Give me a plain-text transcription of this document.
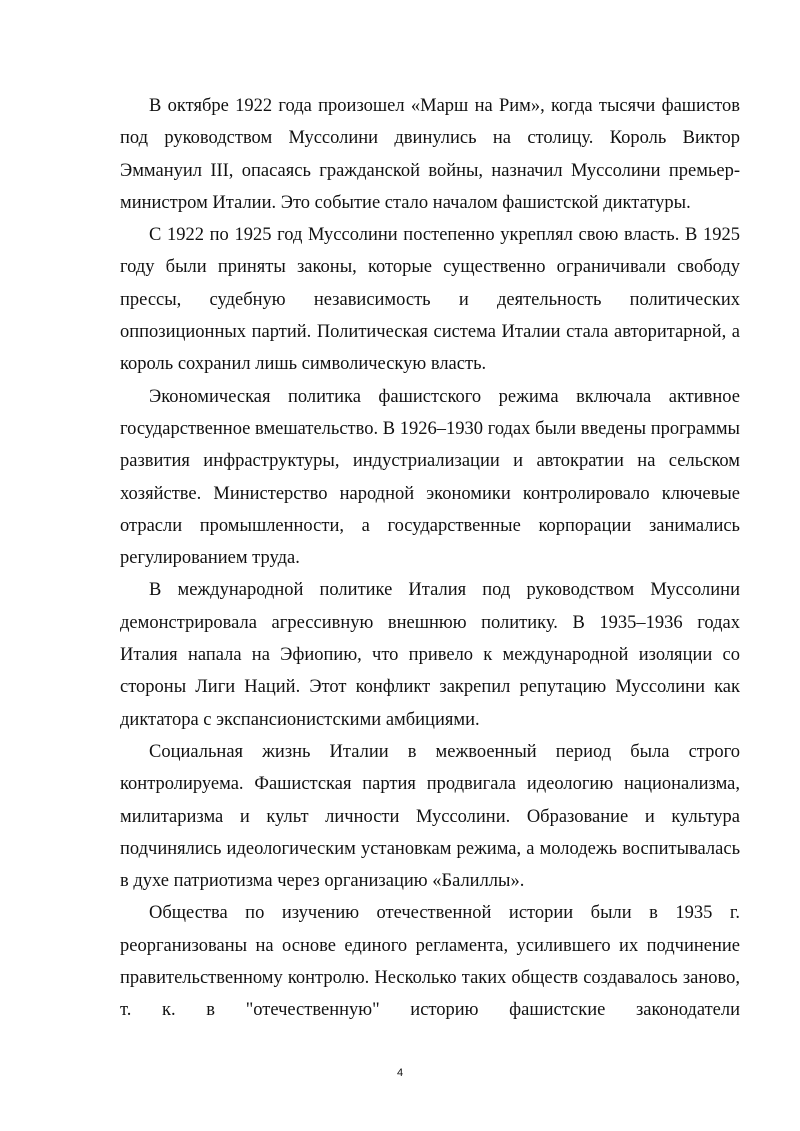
В октябре 1922 года произошел «Марш на Рим», когда тысячи фашистов под руководством Муссолини двинулись на столицу. Король Виктор Эммануил III, опасаясь гражданской войны, назначил Муссолини премьер-министром Италии. Это событие стало началом фашистской диктатуры.

С 1922 по 1925 год Муссолини постепенно укреплял свою власть. В 1925 году были приняты законы, которые существенно ограничивали свободу прессы, судебную независимость и деятельность политических оппозиционных партий. Политическая система Италии стала авторитарной, а король сохранил лишь символическую власть.

Экономическая политика фашистского режима включала активное государственное вмешательство. В 1926–1930 годах были введены программы развития инфраструктуры, индустриализации и автократии на сельском хозяйстве. Министерство народной экономики контролировало ключевые отрасли промышленности, а государственные корпорации занимались регулированием труда.

В международной политике Италия под руководством Муссолини демонстрировала агрессивную внешнюю политику. В 1935–1936 годах Италия напала на Эфиопию, что привело к международной изоляции со стороны Лиги Наций. Этот конфликт закрепил репутацию Муссолини как диктатора с экспансионистскими амбициями.

Социальная жизнь Италии в межвоенный период была строго контролируема. Фашистская партия продвигала идеологию национализма, милитаризма и культ личности Муссолини. Образование и культура подчинялись идеологическим установкам режима, а молодежь воспитывалась в духе патриотизма через организацию «Балиллы».

Общества по изучению отечественной истории были в 1935 г. реорганизованы на основе единого регламента, усилившего их подчинение правительственному контролю. Несколько таких обществ создавалось заново, т. к. в "отечественную" историю фашистские законодатели

4
